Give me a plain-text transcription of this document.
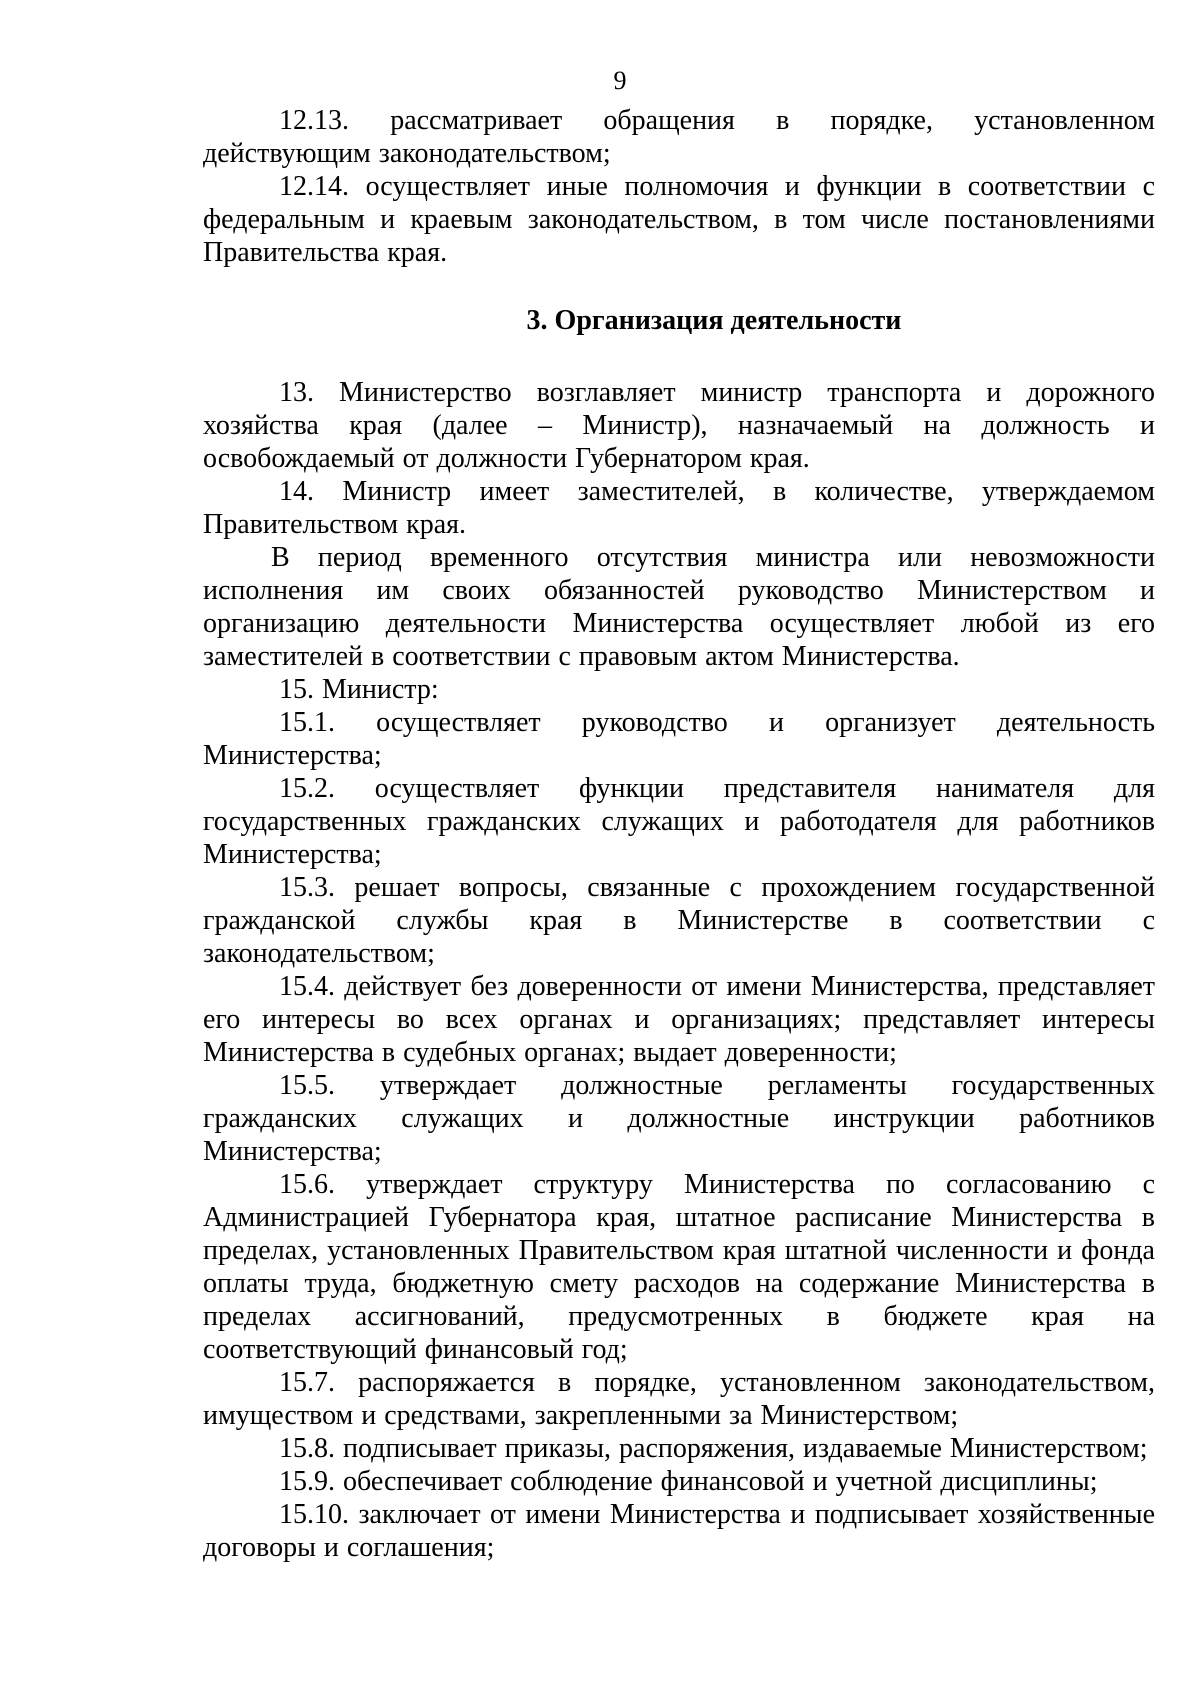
9

12.13. рассматривает обращения в порядке, установленном действующим законодательством;

12.14. осуществляет иные полномочия и функции в соответствии с федеральным и краевым законодательством, в том числе постановлениями Правительства края.

3. Организация деятельности

13. Министерство возглавляет министр транспорта и дорожного хозяйства края (далее – Министр), назначаемый на должность и освобождаемый от должности Губернатором края.

14. Министр имеет заместителей, в количестве, утверждаемом Правительством края.

В период временного отсутствия министра или невозможности исполнения им своих обязанностей руководство Министерством и организацию деятельности Министерства осуществляет любой из его заместителей в соответствии с правовым актом Министерства.

15. Министр:

15.1. осуществляет руководство и организует деятельность Министерства;

15.2. осуществляет функции представителя нанимателя для государственных гражданских служащих и работодателя для работников Министерства;

15.3. решает вопросы, связанные с прохождением государственной гражданской службы края в Министерстве в соответствии с законодательством;

15.4. действует без доверенности от имени Министерства, представляет его интересы во всех органах и организациях; представляет интересы Министерства в судебных органах; выдает доверенности;

15.5. утверждает должностные регламенты государственных гражданских служащих и должностные инструкции работников Министерства;

15.6. утверждает структуру Министерства по согласованию с Администрацией Губернатора края, штатное расписание Министерства в пределах, установленных Правительством края штатной численности и фонда оплаты труда, бюджетную смету расходов на содержание Министерства в пределах ассигнований, предусмотренных в бюджете края на соответствующий финансовый год;

15.7. распоряжается в порядке, установленном законодательством, имуществом и средствами, закрепленными за Министерством;

15.8. подписывает приказы, распоряжения, издаваемые Министерством;

15.9. обеспечивает соблюдение финансовой и учетной дисциплины;

15.10. заключает от имени Министерства и подписывает хозяйственные договоры и соглашения;
